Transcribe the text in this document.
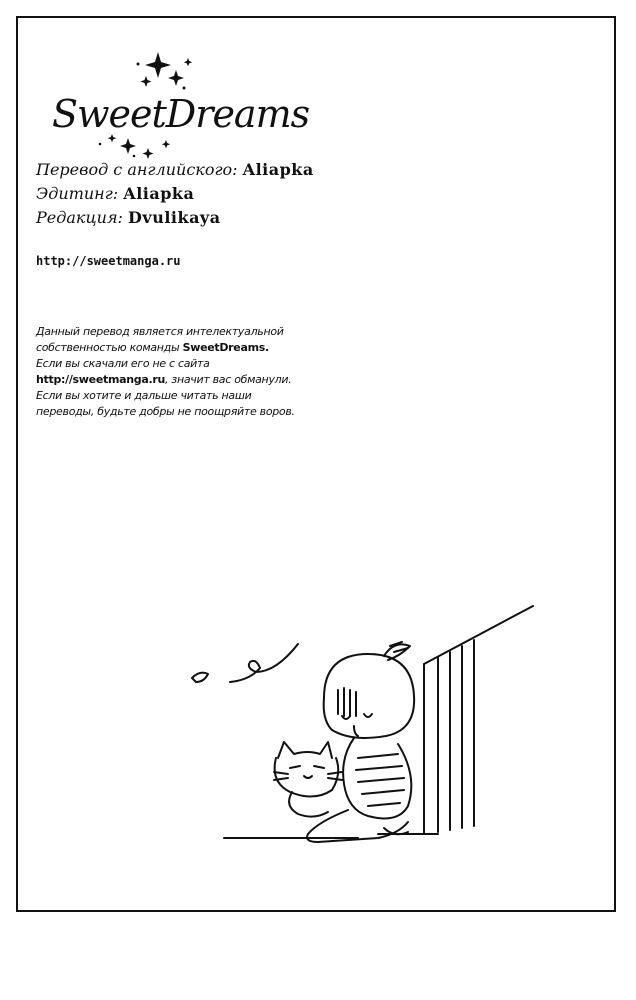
SweetDreams
Перевод с английского: Aliapka
Эдитинг: Aliapka
Редакция: Dvulikaya
http://sweetmanga.ru
Данный перевод является интелектуальной
собственностью команды SweetDreams.
Если вы скачали его не с сайта
http://sweetmanga.ru, значит вас обманули.
Если вы хотите и дальше читать наши
переводы, будьте добры не поощряйте воров.
